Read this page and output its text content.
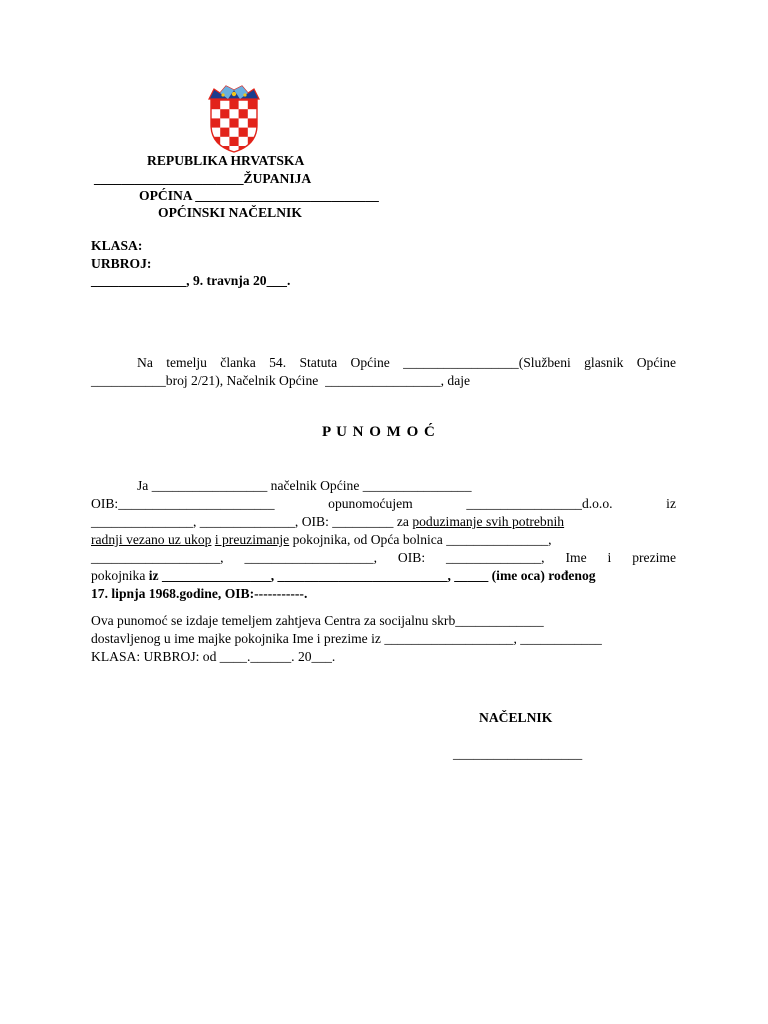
REPUBLIKA HRVATSKA
______________________ŽUPANIJA
OPĆINA ___________________________
OPĆINSKI NAČELNIK
KLASA:
URBROJ:
______________, 9. travnja 20___.
Na temelju članka 54. Statuta Općine _________________(Službeni glasnik Općine
___________broj 2/21), Načelnik Općine  _________________, daje
P U N O M O Ć
Ja _________________ načelnik Općine ________________
OIB:_______________________ opunomoćujem _________________d.o.o. iz
_______________, ______________, OIB: _________ za poduzimanje svih potrebnih
radnji vezano uz ukop i preuzimanje pokojnika, od Opća bolnica _______________,
___________________, ___________________, OIB: ______________, Ime i prezime
pokojnika iz ________________, _________________________, _____ (ime oca) rođenog
17. lipnja 1968.godine, OIB:-----------.
Ova punomoć se izdaje temeljem zahtjeva Centra za socijalnu skrb_____________
dostavljenog u ime majke pokojnika Ime i prezime iz ___________________, ____________
KLASA: URBROJ: od ____.______. 20___.
NAČELNIK
___________________
